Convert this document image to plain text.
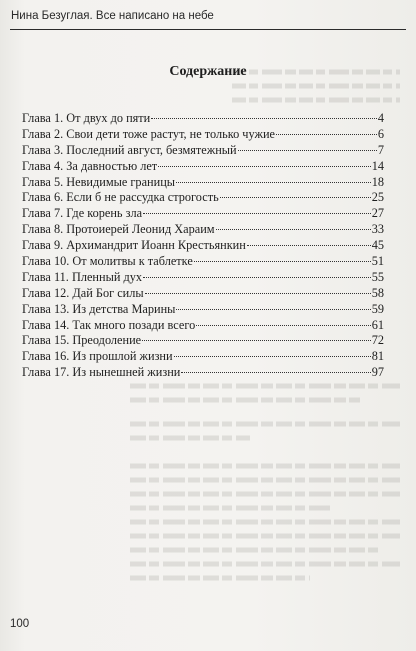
Нина Безуглая. Все написано на небе
Содержание
Глава 1. От двух до пяти	4
Глава 2. Свои дети тоже растут, не только чужие	6
Глава 3. Последний август, безмятежный	7
Глава 4. За давностью лет	14
Глава 5. Невидимые границы	18
Глава 6. Если б не рассудка строгость	25
Глава 7. Где корень зла	27
Глава 8. Протоиерей Леонид Хараим	33
Глава 9. Архимандрит Иоанн Крестьянкин	45
Глава 10. От молитвы к таблетке	51
Глава 11. Пленный дух	55
Глава 12. Дай Бог силы	58
Глава 13. Из детства Марины	59
Глава 14. Так много позади всего	61
Глава 15. Преодоление	72
Глава 16. Из прошлой жизни	81
Глава 17. Из нынешней жизни	97
100
